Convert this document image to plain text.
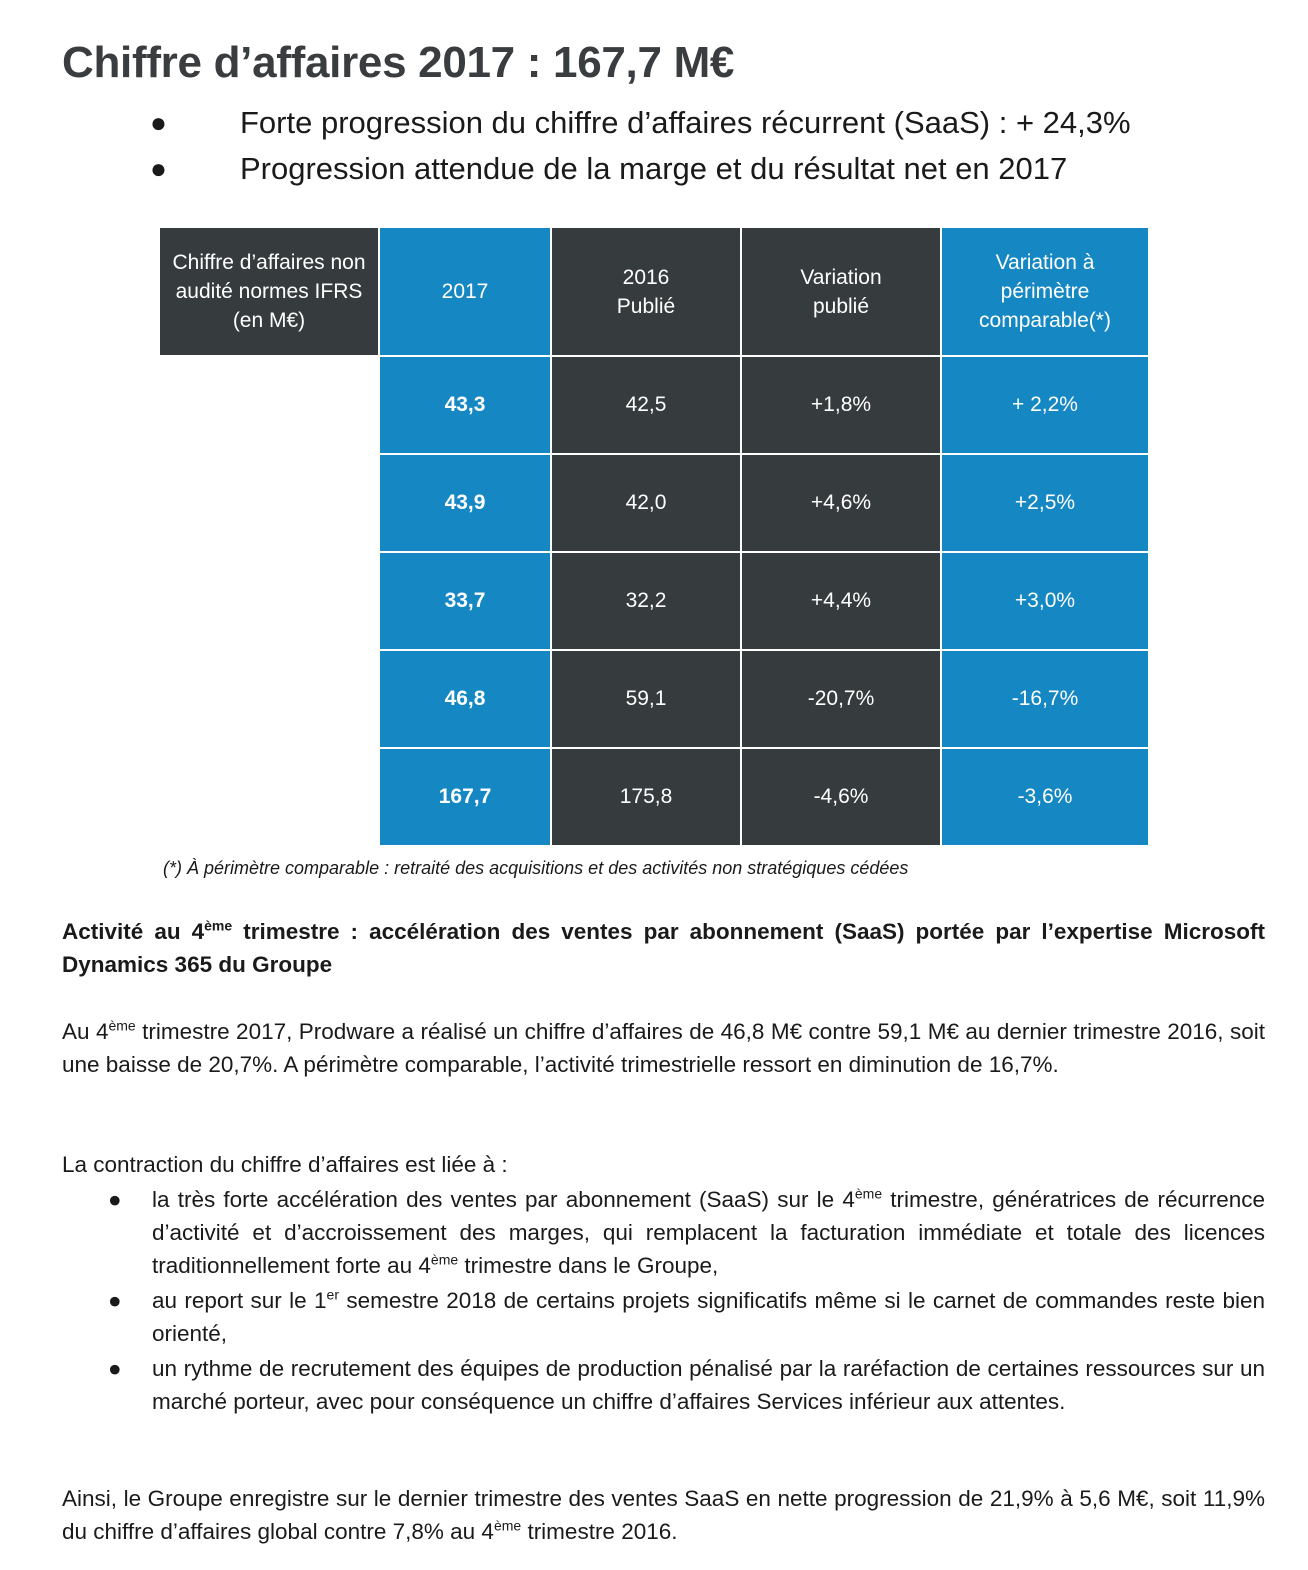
Chiffre d’affaires 2017 : 167,7 M€
● Forte progression du chiffre d’affaires récurrent (SaaS) : + 24,3%
● Progression attendue de la marge et du résultat net en 2017
Chiffre d’affaires non audité normes IFRS (en M€)	2017	2016 Publié	Variation publié	Variation à périmètre comparable(*)

1er trimestre	43,3	42,5	+1,8%	+ 2,2%
2ème trimestre	43,9	42,0	+4,6%	+2,5%
3ème trimestre	33,7	32,2	+4,4%	+3,0%
4ème trimestre	46,8	59,1	-20,7%	-16,7%
TOTAL	167,7	175,8	-4,6%	-3,6%

(*) À périmètre comparable : retraité des acquisitions et des activités non stratégiques cédées

Activité au 4ème trimestre : accélération des ventes par abonnement (SaaS) portée par l’expertise Microsoft Dynamics 365 du Groupe

Au 4ème trimestre 2017, Prodware a réalisé un chiffre d’affaires de 46,8 M€ contre 59,1 M€ au dernier trimestre 2016, soit une baisse de 20,7%. A périmètre comparable, l’activité trimestrielle ressort en diminution de 16,7%.

La contraction du chiffre d’affaires est liée à :

● la très forte accélération des ventes par abonnement (SaaS) sur le 4ème trimestre, génératrices de récurrence d’activité et d’accroissement des marges, qui remplacent la facturation immédiate et totale des licences traditionnellement forte au 4ème trimestre dans le Groupe,
● au report sur le 1er semestre 2018 de certains projets significatifs même si le carnet de commandes reste bien orienté,
● un rythme de recrutement des équipes de production pénalisé par la raréfaction de certaines ressources sur un marché porteur, avec pour conséquence un chiffre d’affaires Services inférieur aux attentes.

Ainsi, le Groupe enregistre sur le dernier trimestre des ventes SaaS en nette progression de 21,9% à 5,6 M€, soit 11,9% du chiffre d’affaires global contre 7,8% au 4ème trimestre 2016.
